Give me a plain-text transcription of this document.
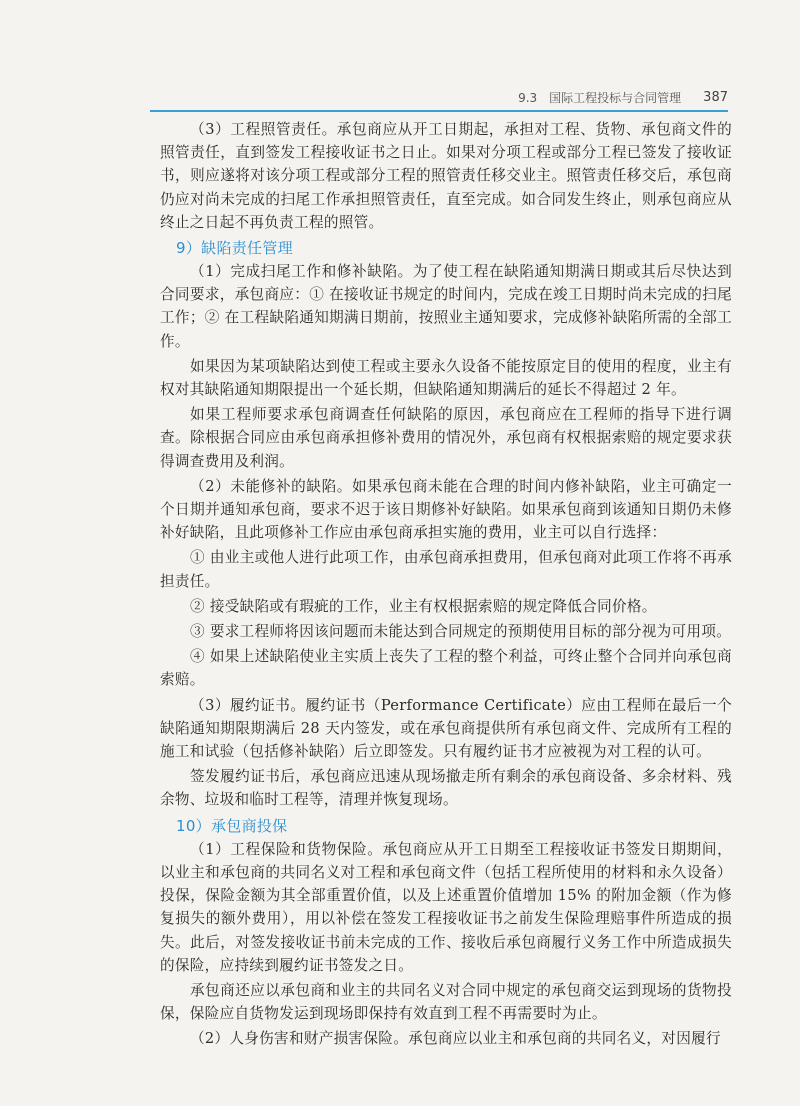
9.3　国际工程投标与合同管理 387

（3）工程照管责任。承包商应从开工日期起，承担对工程、货物、承包商文件的照管责任，直到签发工程接收证书之日止。如果对分项工程或部分工程已签发了接收证书，则应遂将对该分项工程或部分工程的照管责任移交业主。照管责任移交后，承包商仍应对尚未完成的扫尾工作承担照管责任，直至完成。如合同发生终止，则承包商应从终止之日起不再负责工程的照管。

9）缺陷责任管理

（1）完成扫尾工作和修补缺陷。为了使工程在缺陷通知期满日期或其后尽快达到合同要求，承包商应：① 在接收证书规定的时间内，完成在竣工日期时尚未完成的扫尾工作；② 在工程缺陷通知期满日期前，按照业主通知要求，完成修补缺陷所需的全部工作。

如果因为某项缺陷达到使工程或主要永久设备不能按原定目的使用的程度，业主有权对其缺陷通知期限提出一个延长期，但缺陷通知期满后的延长不得超过 2 年。

如果工程师要求承包商调查任何缺陷的原因，承包商应在工程师的指导下进行调查。除根据合同应由承包商承担修补费用的情况外，承包商有权根据索赔的规定要求获得调查费用及利润。

（2）未能修补的缺陷。如果承包商未能在合理的时间内修补缺陷，业主可确定一个日期并通知承包商，要求不迟于该日期修补好缺陷。如果承包商到该通知日期仍未修补好缺陷，且此项修补工作应由承包商承担实施的费用，业主可以自行选择：

① 由业主或他人进行此项工作，由承包商承担费用，但承包商对此项工作将不再承担责任。

② 接受缺陷或有瑕疵的工作，业主有权根据索赔的规定降低合同价格。

③ 要求工程师将因该问题而未能达到合同规定的预期使用目标的部分视为可用项。

④ 如果上述缺陷使业主实质上丧失了工程的整个利益，可终止整个合同并向承包商索赔。

（3）履约证书。履约证书（Performance Certificate）应由工程师在最后一个缺陷通知期限期满后 28 天内签发，或在承包商提供所有承包商文件、完成所有工程的施工和试验（包括修补缺陷）后立即签发。只有履约证书才应被视为对工程的认可。

签发履约证书后，承包商应迅速从现场撤走所有剩余的承包商设备、多余材料、残余物、垃圾和临时工程等，清理并恢复现场。

10）承包商投保

（1）工程保险和货物保险。承包商应从开工日期至工程接收证书签发日期期间，以业主和承包商的共同名义对工程和承包商文件（包括工程所使用的材料和永久设备）投保，保险金额为其全部重置价值，以及上述重置价值增加 15% 的附加金额（作为修复损失的额外费用），用以补偿在签发工程接收证书之前发生保险理赔事件所造成的损失。此后，对签发接收证书前未完成的工作、接收后承包商履行义务工作中所造成损失的保险，应持续到履约证书签发之日。

承包商还应以承包商和业主的共同名义对合同中规定的承包商交运到现场的货物投保，保险应自货物发运到现场即保持有效直到工程不再需要时为止。

（2）人身伤害和财产损害保险。承包商应以业主和承包商的共同名义，对因履行
